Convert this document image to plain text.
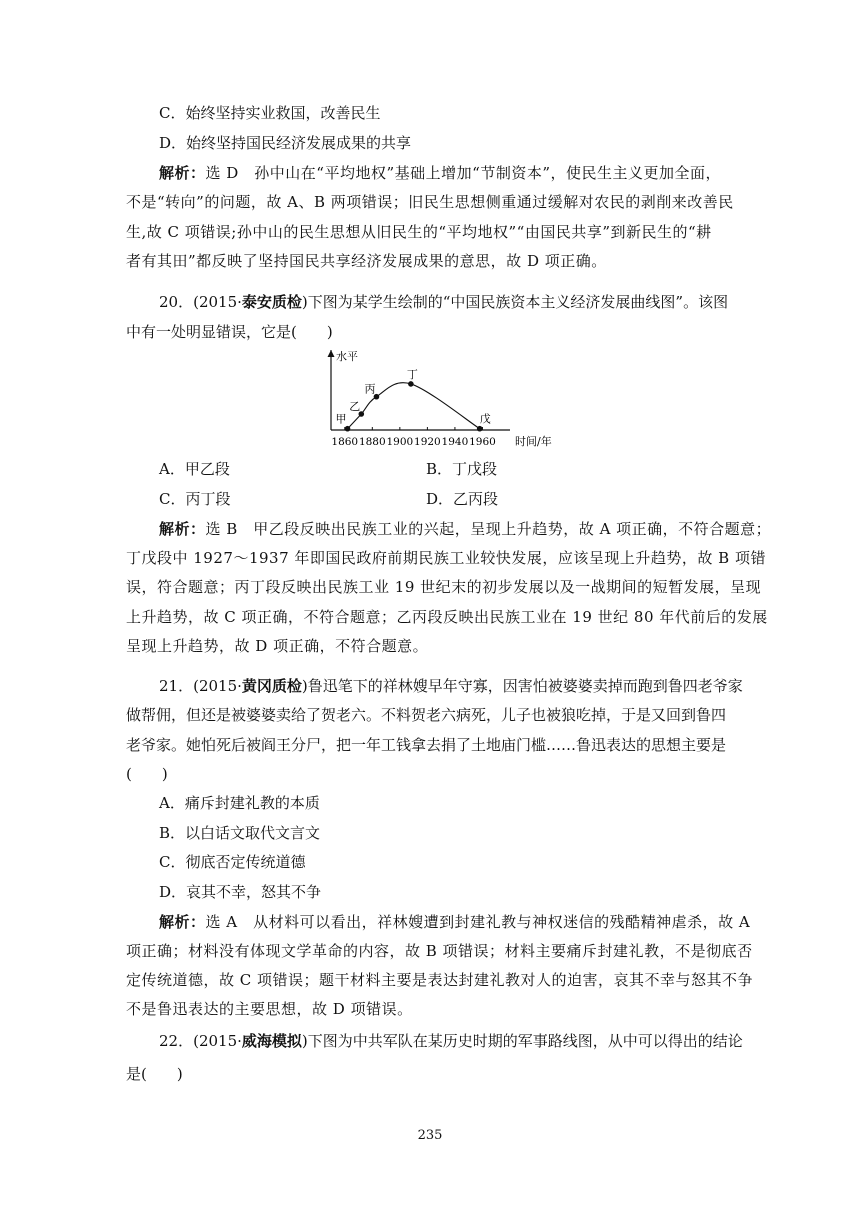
C．始终坚持实业救国，改善民生
D．始终坚持国民经济发展成果的共享
解析：选 D　孙中山在“平均地权”基础上增加“节制资本”，使民生主义更加全面，
不是“转向”的问题，故 A、B 两项错误；旧民生思想侧重通过缓解对农民的剥削来改善民
生,故 C 项错误;孙中山的民生思想从旧民生的“平均地权”“由国民共享”到新民生的“耕
者有其田”都反映了坚持国民共享经济发展成果的意思，故 D 项正确。
20．(2015·泰安质检)下图为某学生绘制的“中国民族资本主义经济发展曲线图”。该图
中有一处明显错误，它是(　　)
水平
时间/年
1860 1880 1900 1920 1940 1960
甲
乙
丙
丁
戊
A．甲乙段	B．丁戊段
C．丙丁段	D．乙丙段
解析：选 B　甲乙段反映出民族工业的兴起，呈现上升趋势，故 A 项正确，不符合题意；
丁戊段中 1927～1937 年即国民政府前期民族工业较快发展，应该呈现上升趋势，故 B 项错
误，符合题意；丙丁段反映出民族工业 19 世纪末的初步发展以及一战期间的短暂发展，呈现
上升趋势，故 C 项正确，不符合题意；乙丙段反映出民族工业在 19 世纪 80 年代前后的发展
呈现上升趋势，故 D 项正确，不符合题意。
21．(2015·黄冈质检)鲁迅笔下的祥林嫂早年守寡，因害怕被婆婆卖掉而跑到鲁四老爷家
做帮佣，但还是被婆婆卖给了贺老六。不料贺老六病死，儿子也被狼吃掉，于是又回到鲁四
老爷家。她怕死后被阎王分尸，把一年工钱拿去捐了土地庙门槛……鲁迅表达的思想主要是
(　　)
A．痛斥封建礼教的本质
B．以白话文取代文言文
C．彻底否定传统道德
D．哀其不幸，怒其不争
解析：选 A　从材料可以看出，祥林嫂遭到封建礼教与神权迷信的残酷精神虐杀，故 A
项正确；材料没有体现文学革命的内容，故 B 项错误；材料主要痛斥封建礼教，不是彻底否
定传统道德，故 C 项错误；题干材料主要是表达封建礼教对人的迫害，哀其不幸与怒其不争
不是鲁迅表达的主要思想，故 D 项错误。
22．(2015·威海模拟)下图为中共军队在某历史时期的军事路线图，从中可以得出的结论
是(　　)
235
